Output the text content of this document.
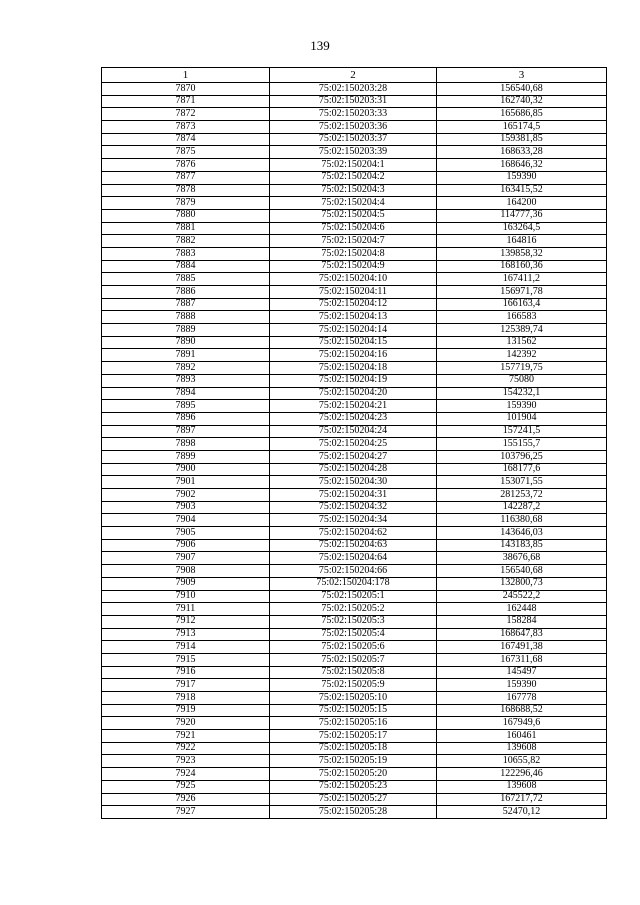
139
1	2	3
7870	75:02:150203:28	156540,68
7871	75:02:150203:31	162740,32
7872	75:02:150203:33	165686,85
7873	75:02:150203:36	165174,5
7874	75:02:150203:37	159381,85
7875	75:02:150203:39	168633,28
7876	75:02:150204:1	168646,32
7877	75:02:150204:2	159390
7878	75:02:150204:3	163415,52
7879	75:02:150204:4	164200
7880	75:02:150204:5	114777,36
7881	75:02:150204:6	163264,5
7882	75:02:150204:7	164816
7883	75:02:150204:8	139858,32
7884	75:02:150204:9	168160,36
7885	75:02:150204:10	167411,2
7886	75:02:150204:11	156971,78
7887	75:02:150204:12	166163,4
7888	75:02:150204:13	166583
7889	75:02:150204:14	125389,74
7890	75:02:150204:15	131562
7891	75:02:150204:16	142392
7892	75:02:150204:18	157719,75
7893	75:02:150204:19	75080
7894	75:02:150204:20	154232,1
7895	75:02:150204:21	159390
7896	75:02:150204:23	101904
7897	75:02:150204:24	157241,5
7898	75:02:150204:25	155155,7
7899	75:02:150204:27	103796,25
7900	75:02:150204:28	168177,6
7901	75:02:150204:30	153071,55
7902	75:02:150204:31	281253,72
7903	75:02:150204:32	142287,2
7904	75:02:150204:34	116380,68
7905	75:02:150204:62	143646,03
7906	75:02:150204:63	143183,85
7907	75:02:150204:64	38676,68
7908	75:02:150204:66	156540,68
7909	75:02:150204:178	132800,73
7910	75:02:150205:1	245522,2
7911	75:02:150205:2	162448
7912	75:02:150205:3	158284
7913	75:02:150205:4	168647,83
7914	75:02:150205:6	167491,38
7915	75:02:150205:7	167311,68
7916	75:02:150205:8	145497
7917	75:02:150205:9	159390
7918	75:02:150205:10	167778
7919	75:02:150205:15	168688,52
7920	75:02:150205:16	167949,6
7921	75:02:150205:17	160461
7922	75:02:150205:18	139608
7923	75:02:150205:19	10655,82
7924	75:02:150205:20	122296,46
7925	75:02:150205:23	139608
7926	75:02:150205:27	167217,72
7927	75:02:150205:28	52470,12
